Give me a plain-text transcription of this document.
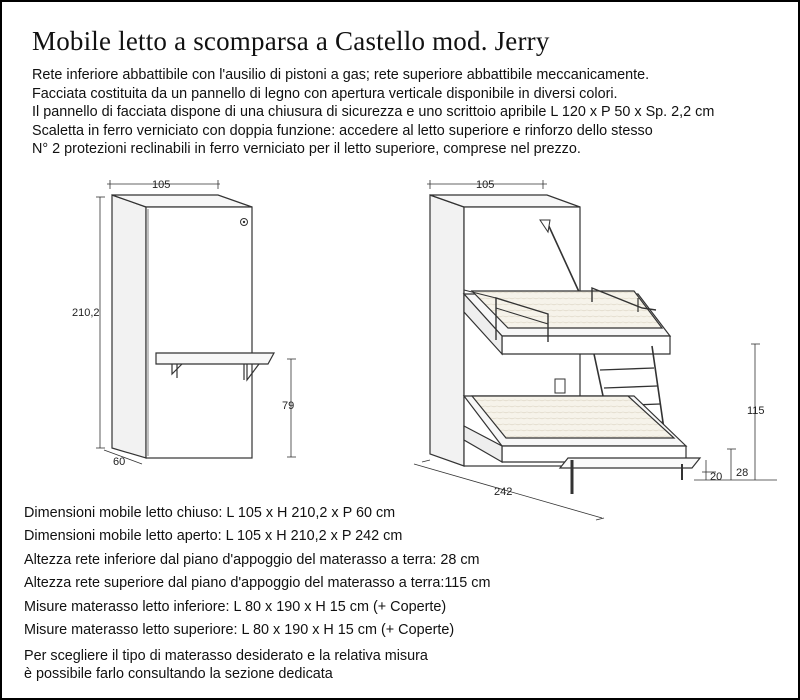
Mobile letto a scomparsa a Castello mod. Jerry
Rete inferiore abbattibile con l'ausilio di pistoni a gas; rete superiore abbattibile meccanicamente.
Facciata costituita da un pannello di legno con apertura verticale disponibile in diversi colori.
Il pannello di facciata dispone di una chiusura di sicurezza e uno scrittoio apribile L 120 x P 50 x Sp. 2,2 cm
Scaletta in ferro verniciato con doppia funzione: accedere al letto superiore e rinforzo dello stesso
N° 2 protezioni reclinabili in ferro verniciato per il letto superiore, comprese nel prezzo.
105
210,2
60
79
105
242
115
28
20
Dimensioni mobile letto chiuso: L 105 x H 210,2 x P 60 cm
Dimensioni mobile letto aperto: L 105 x H 210,2 x P 242 cm
Altezza rete inferiore dal piano d'appoggio del materasso a terra: 28 cm
Altezza rete superiore dal piano d'appoggio del materasso a terra:115 cm
Misure materasso letto inferiore: L 80 x 190 x H 15 cm (+ Coperte)
Misure materasso letto superiore: L 80 x 190 x H 15 cm (+ Coperte)

Per scegliere il tipo di materasso desiderato e la relativa misura
è possibile farlo consultando la sezione dedicata
